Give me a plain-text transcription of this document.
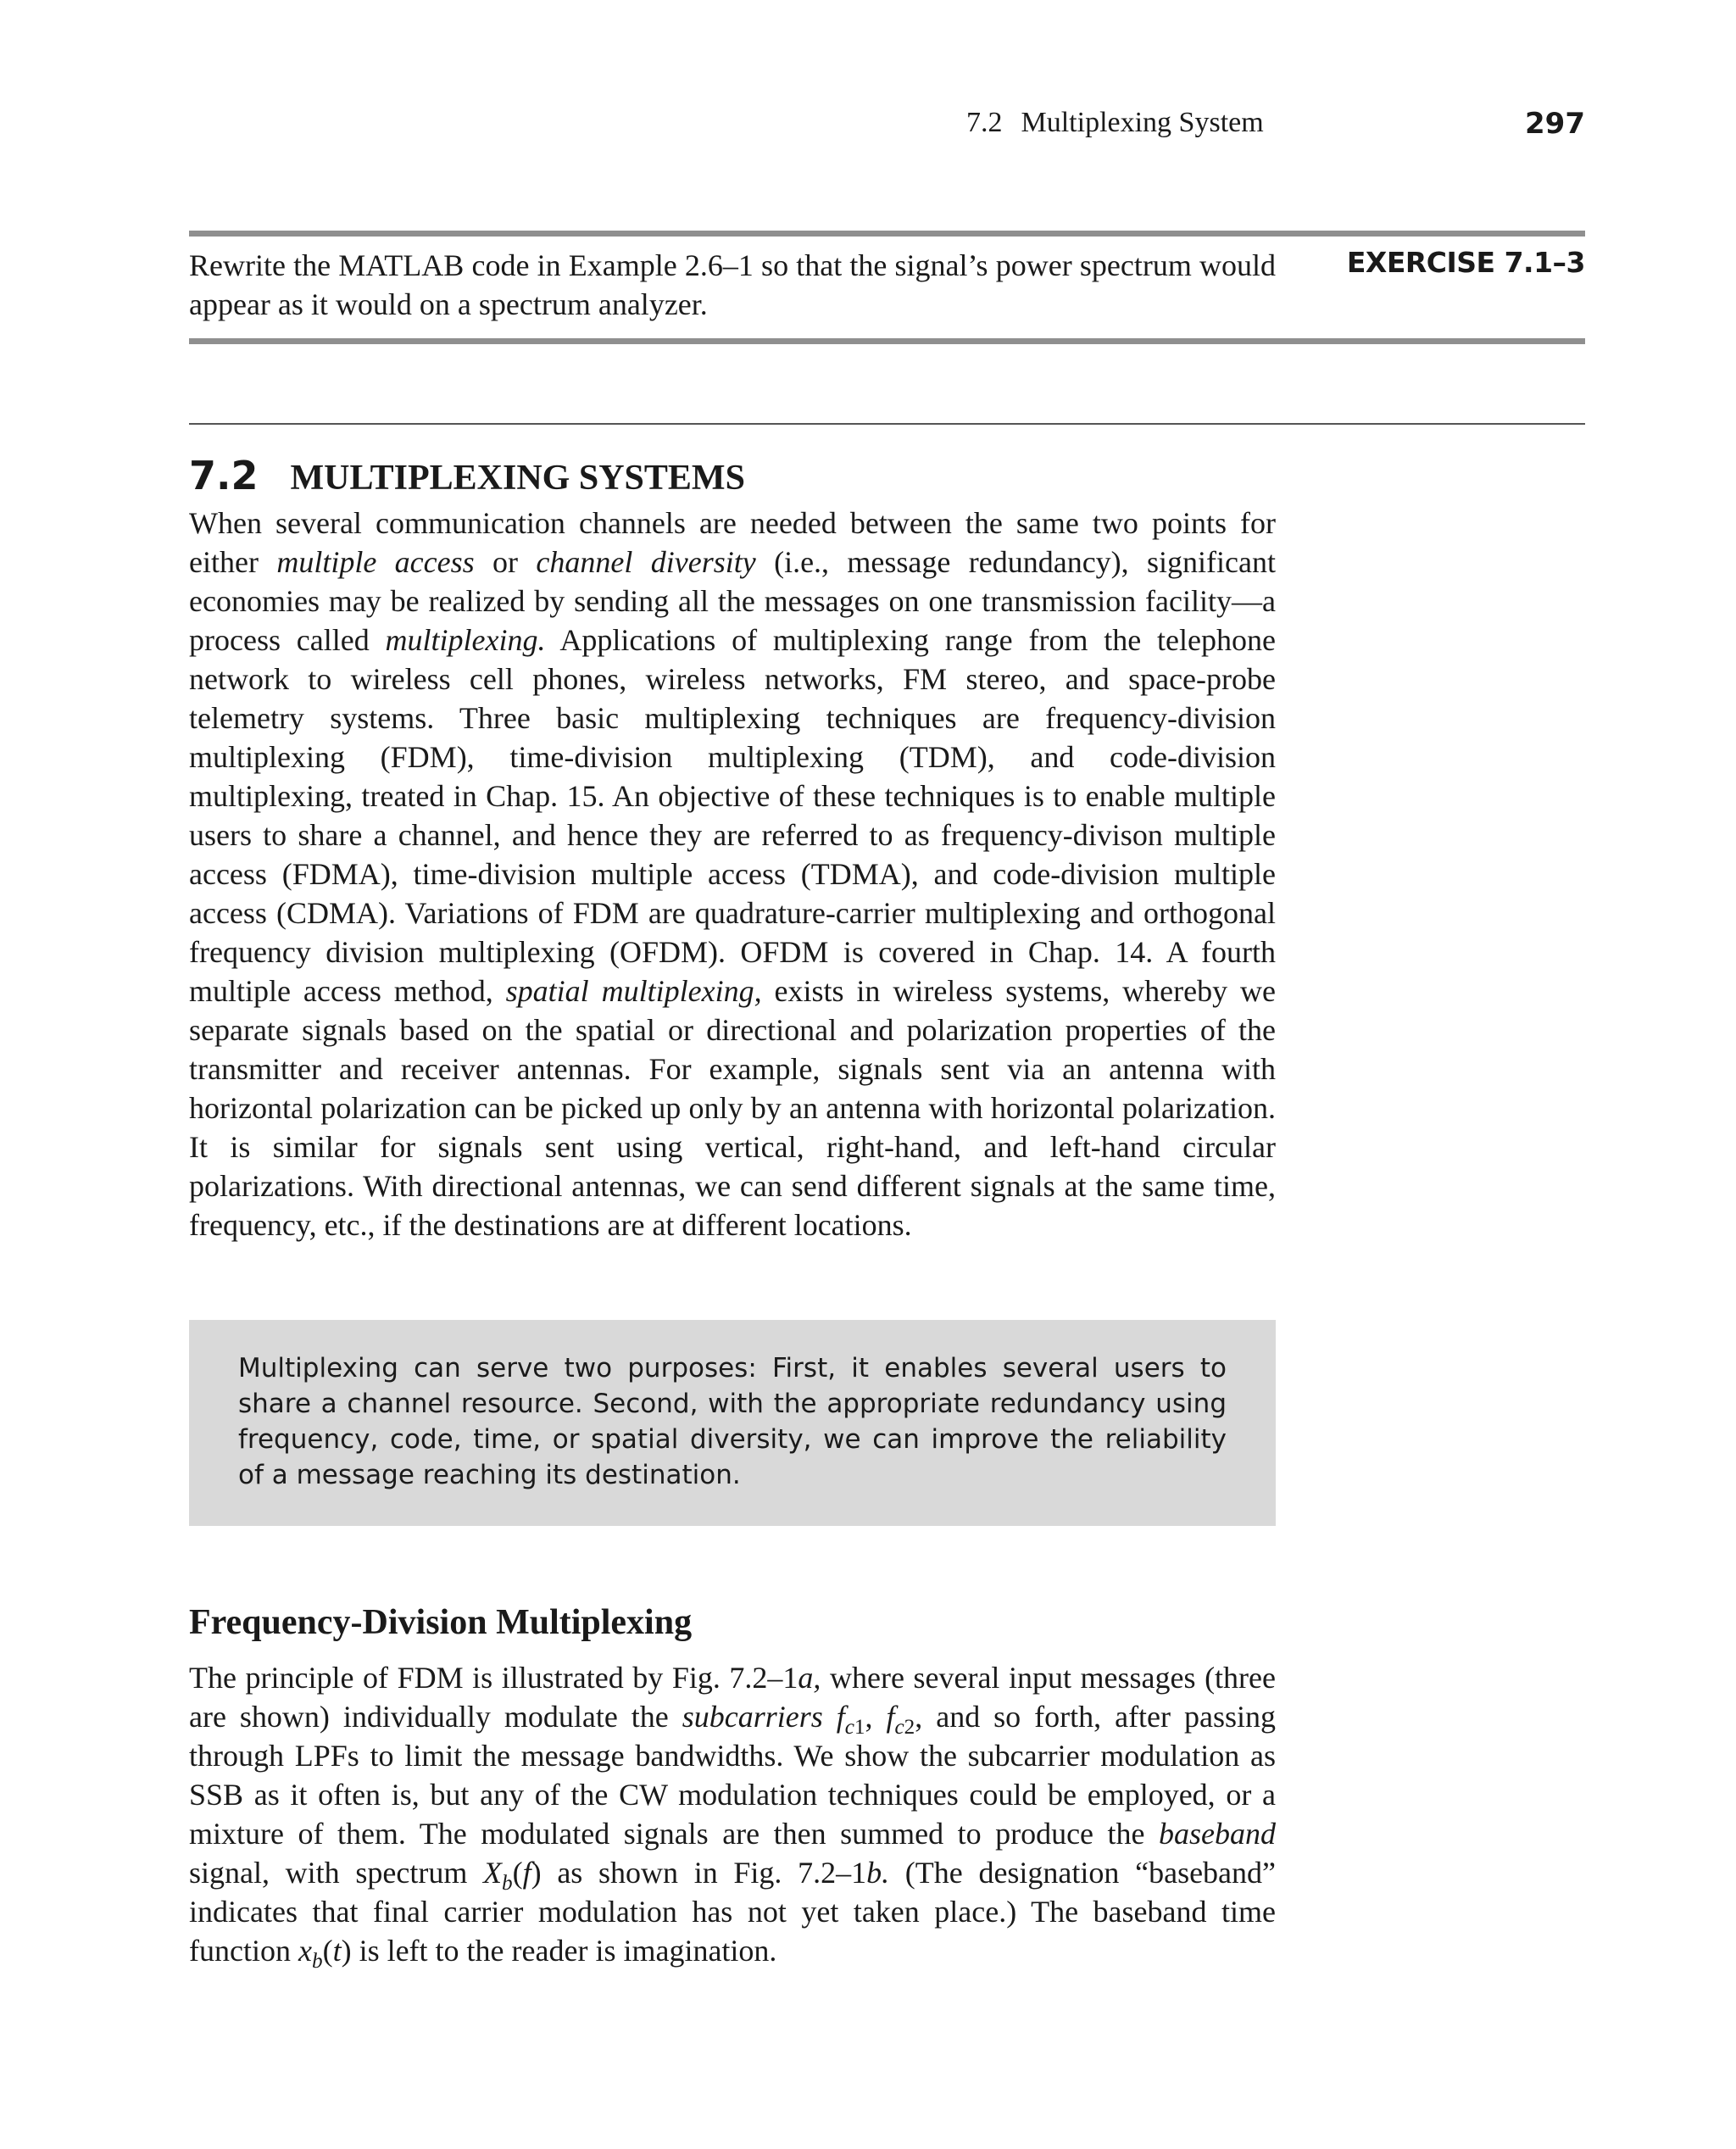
7.2 Multiplexing System	297
Rewrite the MATLAB code in Example 2.6–1 so that the signal’s power spectrum would appear as it would on a spectrum analyzer.
EXERCISE 7.1–3
7.2 MULTIPLEXING SYSTEMS

When several communication channels are needed between the same two points for either multiple access or channel diversity (i.e., message redundancy), significant economies may be realized by sending all the messages on one transmission facility—a process called multiplexing. Applications of multiplexing range from the telephone network to wireless cell phones, wireless networks, FM stereo, and space-probe telemetry systems. Three basic multiplexing techniques are frequency-division multiplexing (FDM), time-division multiplexing (TDM), and code-division multiplexing, treated in Chap. 15. An objective of these techniques is to enable multiple users to share a channel, and hence they are referred to as frequency-divison multiple access (FDMA), time-division multiple access (TDMA), and code-division multiple access (CDMA). Variations of FDM are quadrature-carrier multiplexing and orthogonal frequency division multiplexing (OFDM). OFDM is covered in Chap. 14. A fourth multiple access method, spatial multiplexing, exists in wireless systems, whereby we separate signals based on the spatial or directional and polarization properties of the transmitter and receiver antennas. For example, signals sent via an antenna with horizontal polarization can be picked up only by an antenna with horizontal polarization. It is similar for signals sent using vertical, right-hand, and left-hand circular polarizations. With directional antennas, we can send different signals at the same time, frequency, etc., if the destinations are at different locations.

Multiplexing can serve two purposes: First, it enables several users to share a channel resource. Second, with the appropriate redundancy using frequency, code, time, or spatial diversity, we can improve the reliability of a message reaching its destination.

Frequency-Division Multiplexing

The principle of FDM is illustrated by Fig. 7.2–1a, where several input messages (three are shown) individually modulate the subcarriers $f_{c1}$, $f_{c2}$, and so forth, after passing through LPFs to limit the message bandwidths. We show the subcarrier modulation as SSB as it often is, but any of the CW modulation techniques could be employed, or a mixture of them. The modulated signals are then summed to produce the baseband signal, with spectrum $X_b(f)$ as shown in Fig. 7.2–1b. (The designation “baseband” indicates that final carrier modulation has not yet taken place.) The baseband time function $x_b(t)$ is left to the reader is imagination.
